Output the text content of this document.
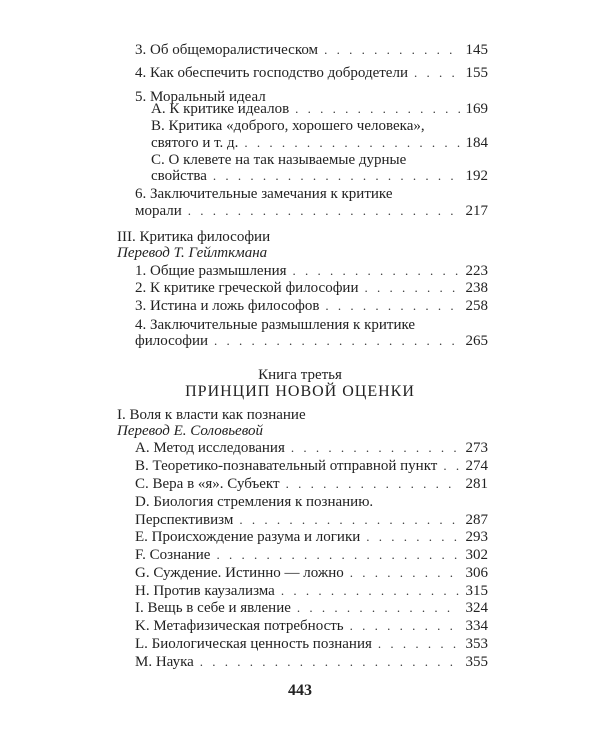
3. Об общеморалистическом . . .	145
4. Как обеспечить господство добродетели . . .	155
5. Моральный идеал
A. К критике идеалов . . .	169
B. Критика «доброго, хорошего человека»,
святого и т. д. . . .	184
C. О клевете на так называемые дурные
свойства . . .	192
6. Заключительные замечания к критике
морали . . .	217
III. Критика философии
Перевод Т. Гейлткмана
1. Общие размышления . . .	223
2. К критике греческой философии . . .	238
3. Истина и ложь философов . . .	258
4. Заключительные размышления к критике
философии . . .	265
Книга третья
ПРИНЦИП НОВОЙ ОЦЕНКИ
I. Воля к власти как познание
Перевод Е. Соловьевой
A. Метод исследования . . .	273
B. Теоретико-познавательный отправной пункт . . . 274
C. Вера в «я». Субъект . . .	281
D. Биология стремления к познанию.
Перспективизм . . .	287
E. Происхождение разума и логики . . .	293
F. Сознание . . .	302
G. Суждение. Истинно — ложно . . .	306
H. Против каузализма . . .	315
I. Вещь в себе и явление . . .	324
K. Метафизическая потребность . . .	334
L. Биологическая ценность познания . . .	353
M. Наука . . .	355
443
